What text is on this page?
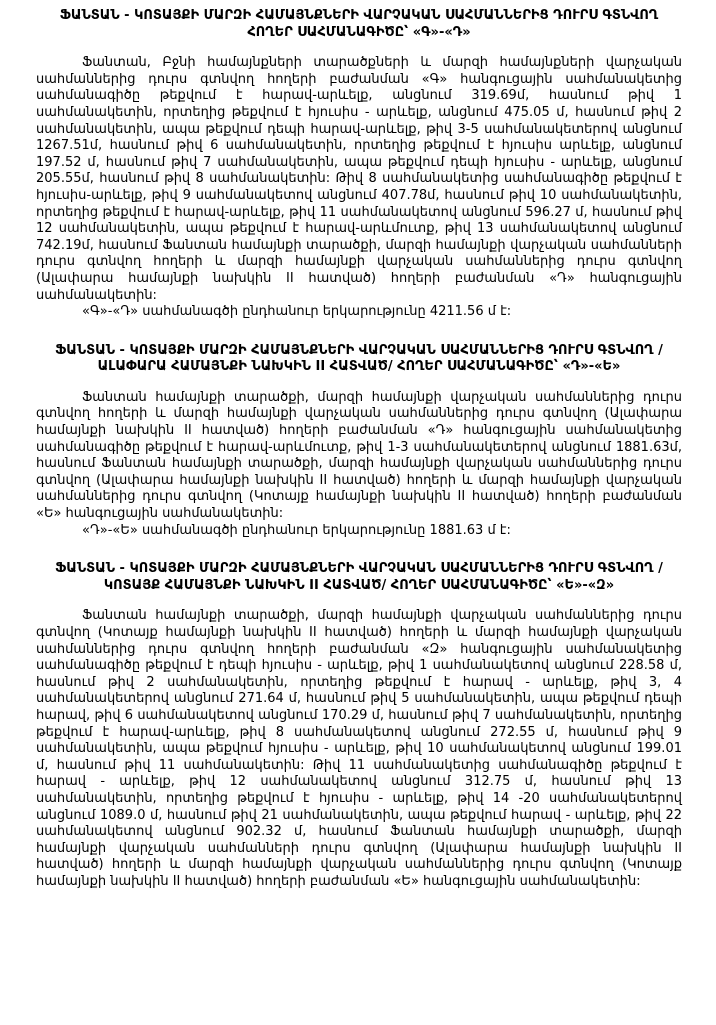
ՖԱՆՏԱՆ - ԿՈՏԱՅՔԻ ՄԱՐԶԻ ՀԱՄԱՅՆՔՆԵՐԻ ՎԱՐՉԱԿԱՆ ՍԱՀՄԱՆՆԵՐԻՑ ԴՈՒՐՍ ԳՏՆՎՈՂ ՀՈՂԵՐ ՍԱՀՄԱՆԱԳԻԾԸ՝ «Գ»-«Դ»

Ֆանտան, Բջնի համայնքների տարածքների և մարզի համայնքների վարչական սահմաններից դուրս գտնվող հողերի բաժանման «Գ» հանգուցային սահմանակետից սահմանագիծը թեքվում է հարավ-արևելք, անցնում 319.69մ, հասնում թիվ 1 սահմանակետին, որտեղից թեքվում է հյուսիս - արևելք, անցնում 475.05 մ, հասնում թիվ 2 սահմանակետին, ապա թեքվում դեպի հարավ-արևելք, թիվ 3-5 սահմանակետերով անցնում 1267.51մ, հասնում թիվ 6 սահմանակետին, որտեղից թեքվում է հյուսիս արևելք, անցնում 197.52 մ, հասնում թիվ 7 սահմանակետին, ապա թեքվում դեպի հյուսիս - արևելք, անցնում 205.55մ, հասնում թիվ 8 սահմանակետին: Թիվ 8 սահմանակետից սահմանագիծը թեքվում է հյուսիս-արևելք, թիվ 9 սահմանակետով անցնում 407.78մ, հասնում թիվ 10 սահմանակետին, որտեղից թեքվում է հարավ-արևելք, թիվ 11 սահմանակետով անցնում 596.27 մ, հասնում թիվ 12 սահմանակետին, ապա թեքվում է հարավ-արևմուտք, թիվ 13 սահմանակետով անցնում 742.19մ, հասնում Ֆանտան համայնքի տարածքի, մարզի համայնքի վարչական սահմանների դուրս գտնվող հողերի և մարզի համայնքի վարչական սահմաններից դուրս գտնվող (Ալափարա համայնքի նախկին II հատված) հողերի բաժանման «Դ» հանգուցային սահմանակետին:

«Գ»-«Դ» սահմանագծի ընդհանուր երկարությունը 4211.56 մ է:

ՖԱՆՏԱՆ - ԿՈՏԱՅՔԻ ՄԱՐԶԻ ՀԱՄԱՅՆՔՆԵՐԻ ՎԱՐՉԱԿԱՆ ՍԱՀՄԱՆՆԵՐԻՑ ԴՈՒՐՍ ԳՏՆՎՈՂ / ԱԼԱՓԱՐԱ ՀԱՄԱՅՆՔԻ ՆԱԽԿԻՆ II ՀԱՏՎԱԾ/ ՀՈՂԵՐ ՍԱՀՄԱՆԱԳԻԾԸ՝ «Դ»-«Ե»

Ֆանտան համայնքի տարածքի, մարզի համայնքի վարչական սահմաններից դուրս գտնվող հողերի և մարզի համայնքի վարչական սահմաններից դուրս գտնվող (Ալափարա համայնքի նախկին II հատված) հողերի բաժանման «Դ» հանգուցային սահմանակետից սահմանագիծը թեքվում է հարավ-արևմուտք, թիվ 1-3 սահմանակետերով անցնում 1881.63մ, հասնում Ֆանտան համայնքի տարածքի, մարզի համայնքի վարչական սահմաններից դուրս գտնվող (Ալափարա համայնքի նախկին II հատված) հողերի և մարզի համայնքի վարչական սահմաններից դուրս գտնվող (Կոտայք համայնքի նախկին II հատված) հողերի բաժանման «Ե» հանգուցային սահմանակետին:

«Դ»-«Ե» սահմանագծի ընդհանուր երկարությունը 1881.63 մ է:

ՖԱՆՏԱՆ - ԿՈՏԱՅՔԻ ՄԱՐԶԻ ՀԱՄԱՅՆՔՆԵՐԻ ՎԱՐՉԱԿԱՆ ՍԱՀՄԱՆՆԵՐԻՑ ԴՈՒՐՍ ԳՏՆՎՈՂ / ԿՈՏԱՅՔ ՀԱՄԱՅՆՔԻ ՆԱԽԿԻՆ II ՀԱՏՎԱԾ/ ՀՈՂԵՐ ՍԱՀՄԱՆԱԳԻԾԸ՝ «Ե»-«Զ»

Ֆանտան համայնքի տարածքի, մարզի համայնքի վարչական սահմաններից դուրս գտնվող (Կոտայք համայնքի նախկին II հատված) հողերի և մարզի համայնքի վարչական սահմաններից դուրս գտնվող հողերի բաժանման «Զ» հանգուցային սահմանակետից սահմանագիծը թեքվում է դեպի հյուսիս - արևելք, թիվ 1 սահմանակետով անցնում 228.58 մ, հասնում թիվ 2 սահմանակետին, որտեղից թեքվում է հարավ - արևելք, թիվ 3, 4 սահմանակետերով անցնում 271.64 մ, հասնում թիվ 5 սահմանակետին, ապա թեքվում դեպի հարավ, թիվ 6 սահմանակետով անցնում 170.29 մ, հասնում թիվ 7 սահմանակետին, որտեղից թեքվում է հարավ-արևելք, թիվ 8 սահմանակետով անցնում 272.55 մ, հասնում թիվ 9 սահմանակետին, ապա թեքվում հյուսիս - արևելք, թիվ 10 սահմանակետով անցնում 199.01 մ, հասնում թիվ 11 սահմանակետին: Թիվ 11 սահմանակետից սահմանագիծը թեքվում է հարավ - արևելք, թիվ 12 սահմանակետով անցնում 312.75 մ, հասնում թիվ 13 սահմանակետին, որտեղից թեքվում է հյուսիս - արևելք, թիվ 14 -20 սահմանակետերով անցնում 1089.0 մ, հասնում թիվ 21 սահմանակետին, ապա թեքվում հարավ - արևելք, թիվ 22 սահմանակետով անցնում 902.32 մ, հասնում Ֆանտան համայնքի տարածքի, մարզի համայնքի վարչական սահմանների դուրս գտնվող (Ալափարա համայնքի նախկին II հատված) հողերի և մարզի համայնքի վարչական սահմաններից դուրս գտնվող (Կոտայք համայնքի նախկին II հատված) հողերի բաժանման «Ե» հանգուցային սահմանակետին:
